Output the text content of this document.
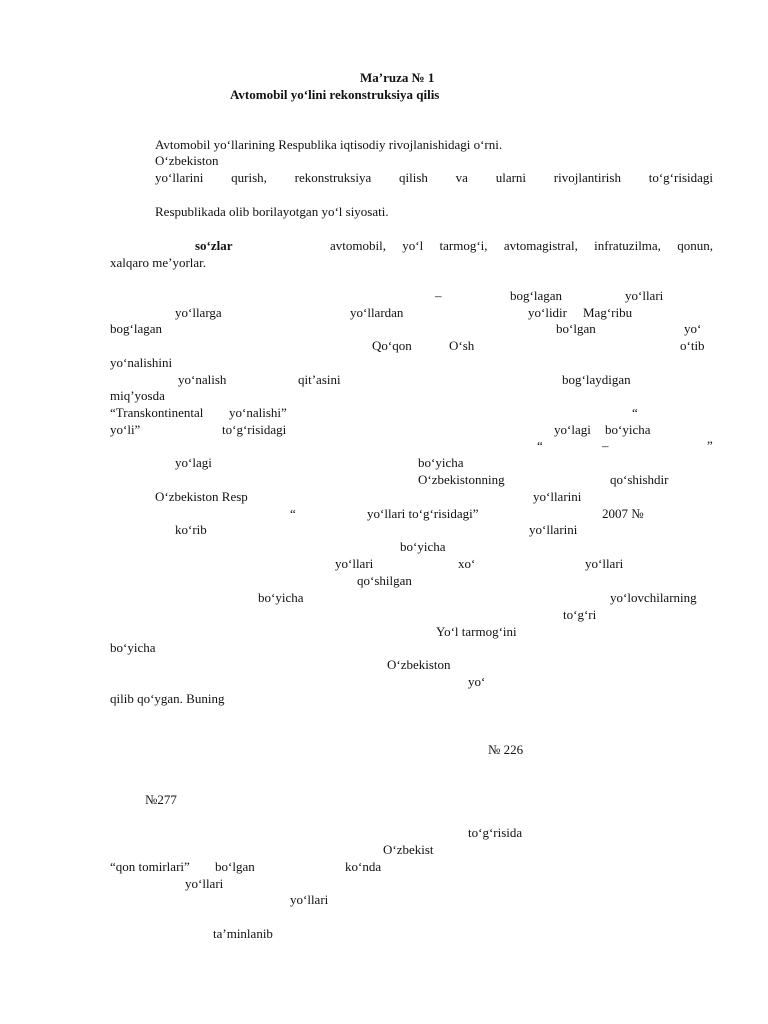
Ma’ruza № 1
Avtomobil yo‘lini rekonstruksiya qilis
Avtomobil yo‘llarining Respublika iqtisodiy rivojlanishidagi o‘rni.
O‘zbekiston
yo‘llarini qurish, rekonstruksiya qilish va ularni rivojlantirish to‘g‘risidagi
Respublikada olib borilayotgan yo‘l siyosati.
so‘zlar	avtomobil, yo‘l tarmog‘i, avtomagistral, infratuzilma, qonun,
xalqaro me’yorlar.
–	bog‘lagan	yo‘llari
yo‘llarga	yo‘llardan	yo‘lidir Mag‘ribu
bog‘lagan	bo‘lgan	yo‘
Qo‘qon	O‘sh	o‘tib
yo‘nalishini
yo‘nalish	qit’asini	bog‘laydigan
miq’yosda
“Transkontinental yo‘nalishi”	“
yo‘li”	to‘g‘risidagi	yo‘lagi bo‘yicha
“	–	”
yo‘lagi	bo‘yicha
O‘zbekistonning	qo‘shishdir
O‘zbekiston Resp	yo‘llarini
“	yo‘llari to‘g‘risidagi”	2007 №
ko‘rib	yo‘llarini
bo‘yicha
yo‘llari	xo‘	yo‘llari
qo‘shilgan
bo‘yicha	yo‘lovchilarning
to‘g‘ri
Yo‘l tarmog‘ini
bo‘yicha
O‘zbekiston
yo‘
qilib qo‘ygan. Buning
№ 226
№277
to‘g‘risida
O‘zbekist
“qon tomirlari” bo‘lgan	ko‘nda
yo‘llari
yo‘llari
ta’minlanib
